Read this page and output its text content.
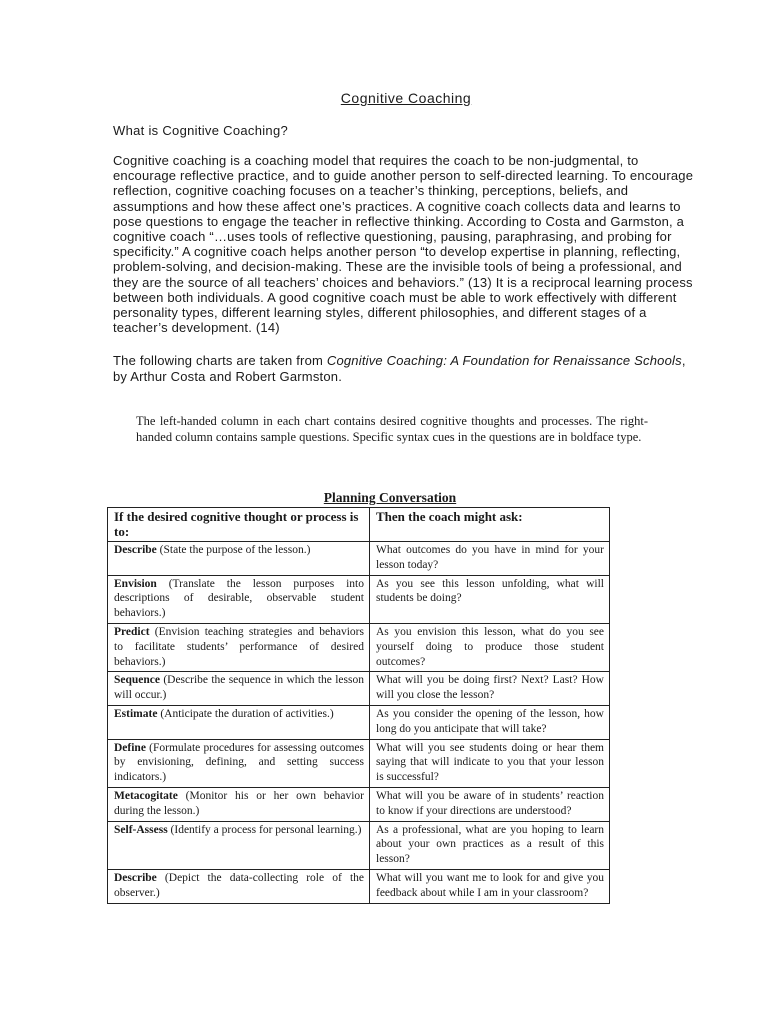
Cognitive Coaching
What is Cognitive Coaching?
Cognitive coaching is a coaching model that requires the coach to be non-judgmental, to encourage reflective practice, and to guide another person to self-directed learning. To encourage reflection, cognitive coaching focuses on a teacher’s thinking, perceptions, beliefs, and assumptions and how these affect one’s practices. A cognitive coach collects data and learns to pose questions to engage the teacher in reflective thinking. According to Costa and Garmston, a cognitive coach “…uses tools of reflective questioning, pausing, paraphrasing, and probing for specificity.” A cognitive coach helps another person “to develop expertise in planning, reflecting, problem-solving, and decision-making. These are the invisible tools of being a professional, and they are the source of all teachers’ choices and behaviors.” (13) It is a reciprocal learning process between both individuals. A good cognitive coach must be able to work effectively with different personality types, different learning styles, different philosophies, and different stages of a teacher’s development. (14)
The following charts are taken from Cognitive Coaching: A Foundation for Renaissance Schools, by Arthur Costa and Robert Garmston.
The left-handed column in each chart contains desired cognitive thoughts and processes. The right-handed column contains sample questions. Specific syntax cues in the questions are in boldface type.
Planning Conversation
If the desired cognitive thought or process is to:	Then the coach might ask:
Describe (State the purpose of the lesson.)	What outcomes do you have in mind for your lesson today?
Envision (Translate the lesson purposes into descriptions of desirable, observable student behaviors.)	As you see this lesson unfolding, what will students be doing?
Predict (Envision teaching strategies and behaviors to facilitate students’ performance of desired behaviors.)	As you envision this lesson, what do you see yourself doing to produce those student outcomes?
Sequence (Describe the sequence in which the lesson will occur.)	What will you be doing first? Next? Last? How will you close the lesson?
Estimate (Anticipate the duration of activities.)	As you consider the opening of the lesson, how long do you anticipate that will take?
Define (Formulate procedures for assessing outcomes by envisioning, defining, and setting success indicators.)	What will you see students doing or hear them saying that will indicate to you that your lesson is successful?
Metacogitate (Monitor his or her own behavior during the lesson.)	What will you be aware of in students’ reaction to know if your directions are understood?
Self-Assess (Identify a process for personal learning.)	As a professional, what are you hoping to learn about your own practices as a result of this lesson?
Describe (Depict the data-collecting role of the observer.)	What will you want me to look for and give you feedback about while I am in your classroom?
